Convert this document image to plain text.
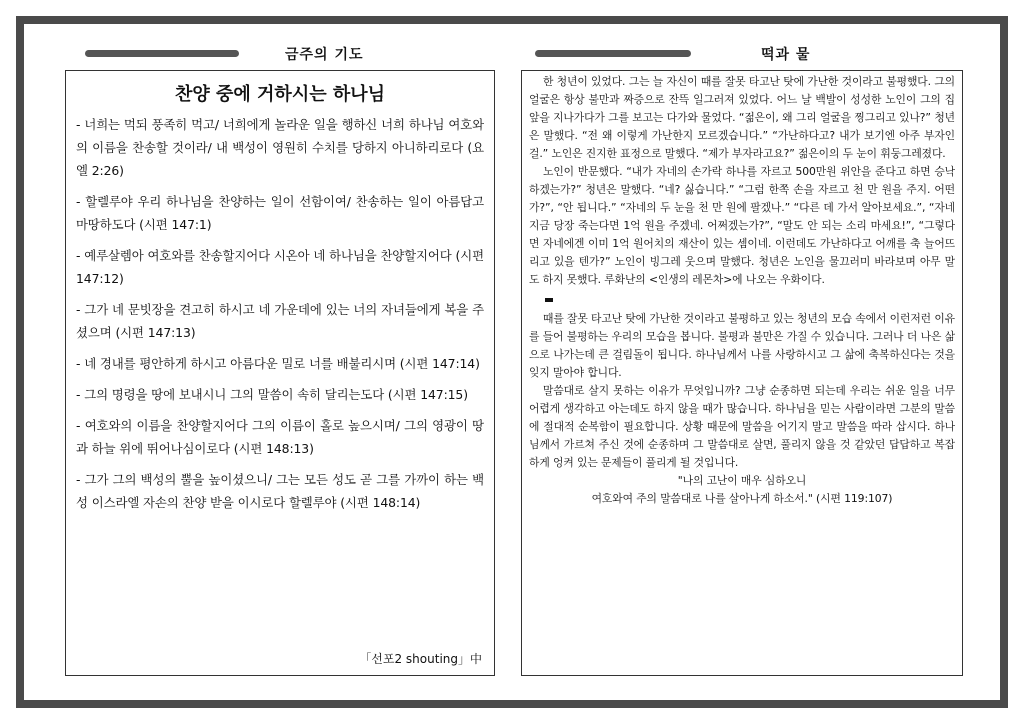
금주의 기도
찬양 중에 거하시는 하나님

- 너희는 먹되 풍족히 먹고/ 너희에게 놀라운 일을 행하신 너희 하나님 여호와의 이름을 찬송할 것이라/ 내 백성이 영원히 수치를 당하지 아니하리로다 (요엘 2:26)

- 할렐루야 우리 하나님을 찬양하는 일이 선함이여/ 찬송하는 일이 아름답고 마땅하도다 (시편 147:1)

- 예루살렘아 여호와를 찬송할지어다 시온아 네 하나님을 찬양할지어다 (시편 147:12)

- 그가 네 문빗장을 견고히 하시고 네 가운데에 있는 너의 자녀들에게 복을 주셨으며 (시편 147:13)

- 네 경내를 평안하게 하시고 아름다운 밀로 너를 배불리시며 (시편 147:14)

- 그의 명령을 땅에 보내시니 그의 말씀이 속히 달리는도다 (시편 147:15)

- 여호와의 이름을 찬양할지어다 그의 이름이 홀로 높으시며/ 그의 영광이 땅과 하늘 위에 뛰어나심이로다 (시편 148:13)

- 그가 그의 백성의 뿔을 높이셨으니/ 그는 모든 성도 곧 그를 가까이 하는 백성 이스라엘 자손의 찬양 받을 이시로다 할렐루야 (시편 148:14)

「선포2 shouting」中
떡과 물

한 청년이 있었다. 그는 늘 자신이 때를 잘못 타고난 탓에 가난한 것이라고 불평했다. 그의 얼굴은 항상 불만과 짜증으로 잔뜩 일그러져 있었다. 어느 날 백발이 성성한 노인이 그의 집 앞을 지나가다가 그를 보고는 다가와 물었다. “젊은이, 왜 그리 얼굴을 찡그리고 있나?” 청년은 말했다. “전 왜 이렇게 가난한지 모르겠습니다.” “가난하다고? 내가 보기엔 아주 부자인 걸.” 노인은 진지한 표정으로 말했다. “제가 부자라고요?” 젊은이의 두 눈이 휘둥그레졌다.

노인이 반문했다. “내가 자네의 손가락 하나를 자르고 500만원 위안을 준다고 하면 승낙하겠는가?” 청년은 말했다. “네? 싫습니다.” “그럼 한쪽 손을 자르고 천 만 원을 주지. 어떤가?”, “안 됩니다.” “자네의 두 눈을 천 만 원에 팔겠나.” “다른 데 가서 알아보세요.”, “자네 지금 당장 죽는다면 1억 원을 주겠네. 어쩌겠는가?”, “말도 안 되는 소리 마세요!”, “그렇다면 자네에겐 이미 1억 원어치의 재산이 있는 셈이네. 이런데도 가난하다고 어깨를 축 늘어뜨리고 있을 텐가?” 노인이 빙그레 웃으며 말했다. 청년은 노인을 물끄러미 바라보며 아무 말도 하지 못했다. 루화난의 <인생의 레몬차>에 나오는 우화이다.

때를 잘못 타고난 탓에 가난한 것이라고 불평하고 있는 청년의 모습 속에서 이런저런 이유를 들어 불평하는 우리의 모습을 봅니다. 불평과 불만은 가질 수 있습니다. 그러나 더 나은 삶으로 나가는데 큰 걸림돌이 됩니다. 하나님께서 나를 사랑하시고 그 삶에 축복하신다는 것을 잊지 말아야 합니다.

말씀대로 살지 못하는 이유가 무엇입니까? 그냥 순종하면 되는데 우리는 쉬운 일을 너무 어렵게 생각하고 아는데도 하지 않을 때가 많습니다. 하나님을 믿는 사람이라면 그분의 말씀에 절대적 순복함이 필요합니다. 상황 때문에 말씀을 어기지 말고 말씀을 따라 삽시다. 하나님께서 가르쳐 주신 것에 순종하며 그 말씀대로 살면, 풀리지 않을 것 같았던 답답하고 복잡하게 엉켜 있는 문제들이 풀리게 될 것입니다.

"나의 고난이 매우 심하오니

여호와여 주의 말씀대로 나를 살아나게 하소서." (시편 119:107)
